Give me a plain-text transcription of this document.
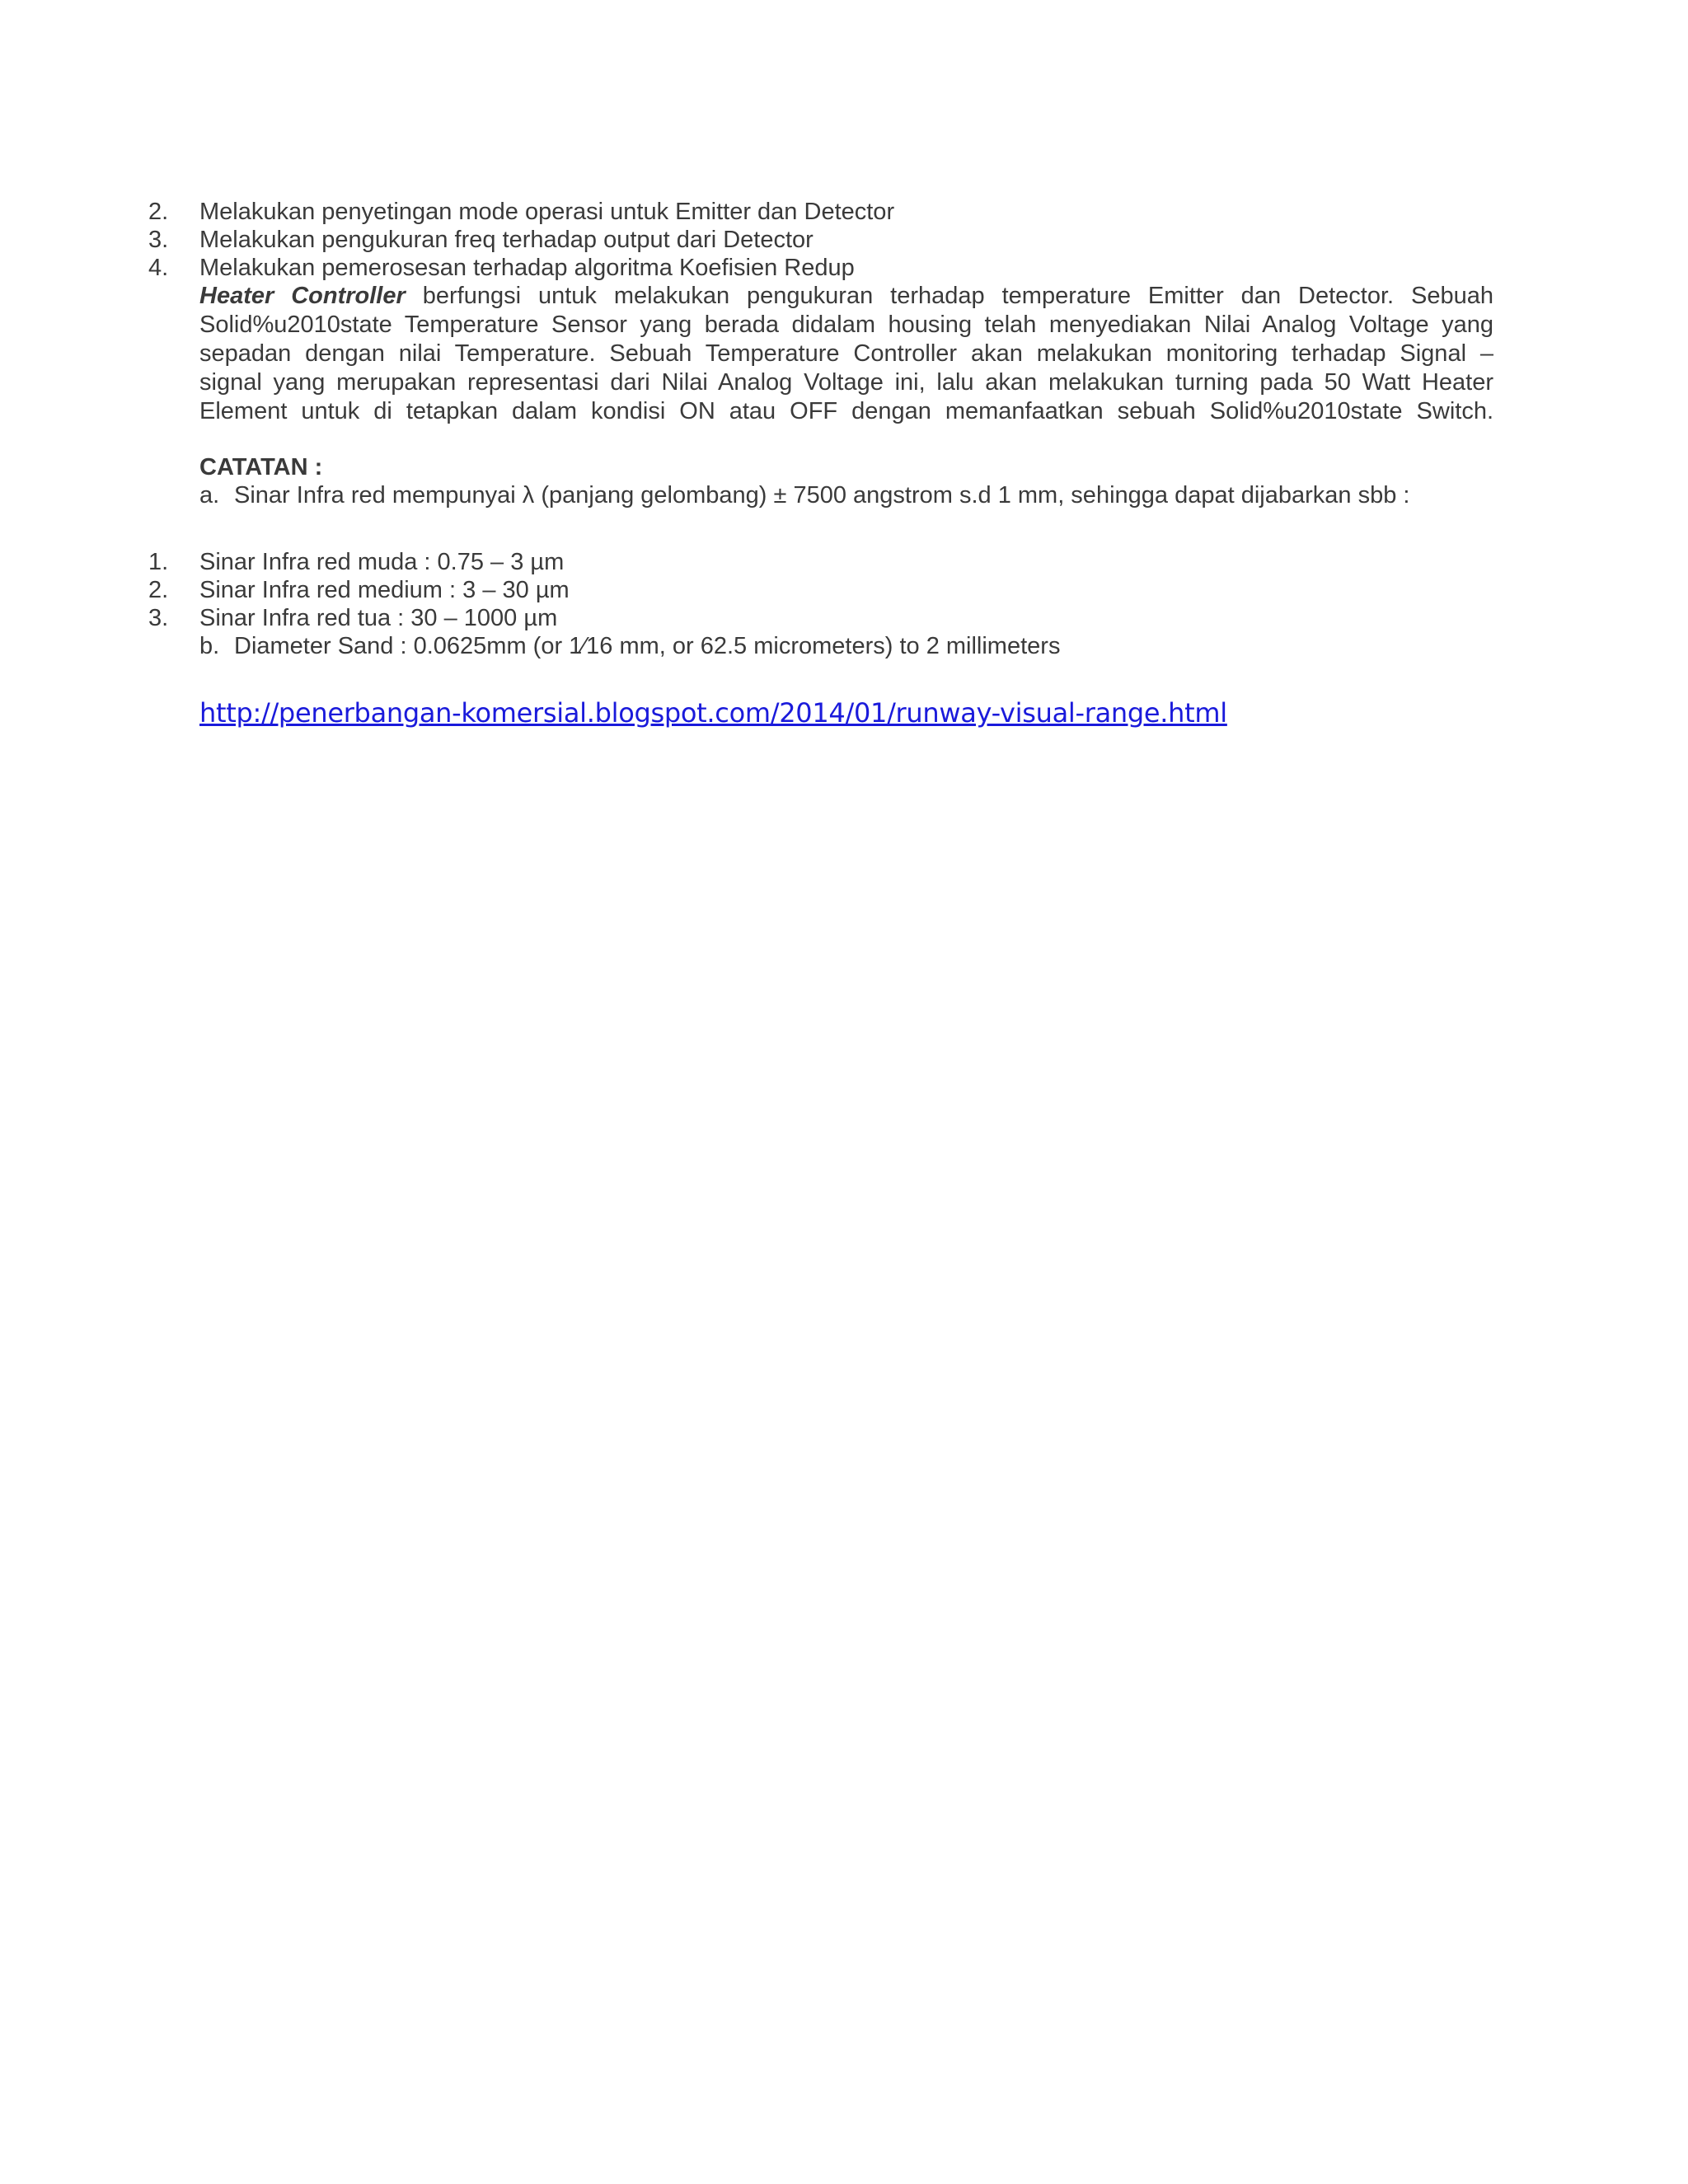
2.	Melakukan penyetingan mode operasi untuk Emitter dan Detector
3.	Melakukan pengukuran freq terhadap output dari Detector
4.	Melakukan pemerosesan terhadap algoritma Koefisien Redup
Heater Controller berfungsi untuk melakukan pengukuran terhadap temperature Emitter dan Detector. Sebuah
Solid%u2010state Temperature Sensor yang berada didalam housing telah menyediakan Nilai Analog Voltage yang
sepadan dengan nilai Temperature. Sebuah Temperature Controller akan melakukan monitoring terhadap Signal –
signal yang merupakan representasi dari Nilai Analog Voltage ini, lalu akan melakukan turning pada 50 Watt Heater
Element untuk di tetapkan dalam kondisi ON atau OFF dengan memanfaatkan sebuah Solid%u2010state Switch.
CATATAN :
a. Sinar Infra red mempunyai λ (panjang gelombang) ± 7500 angstrom s.d 1 mm, sehingga dapat dijabarkan sbb :
1.	Sinar Infra red muda : 0.75 – 3 µm
2.	Sinar Infra red medium : 3 – 30 µm
3.	Sinar Infra red tua : 30 – 1000 µm
b. Diameter Sand : 0.0625mm (or 1⁄16 mm, or 62.5 micrometers) to 2 millimeters
http://penerbangan-komersial.blogspot.com/2014/01/runway-visual-range.html
